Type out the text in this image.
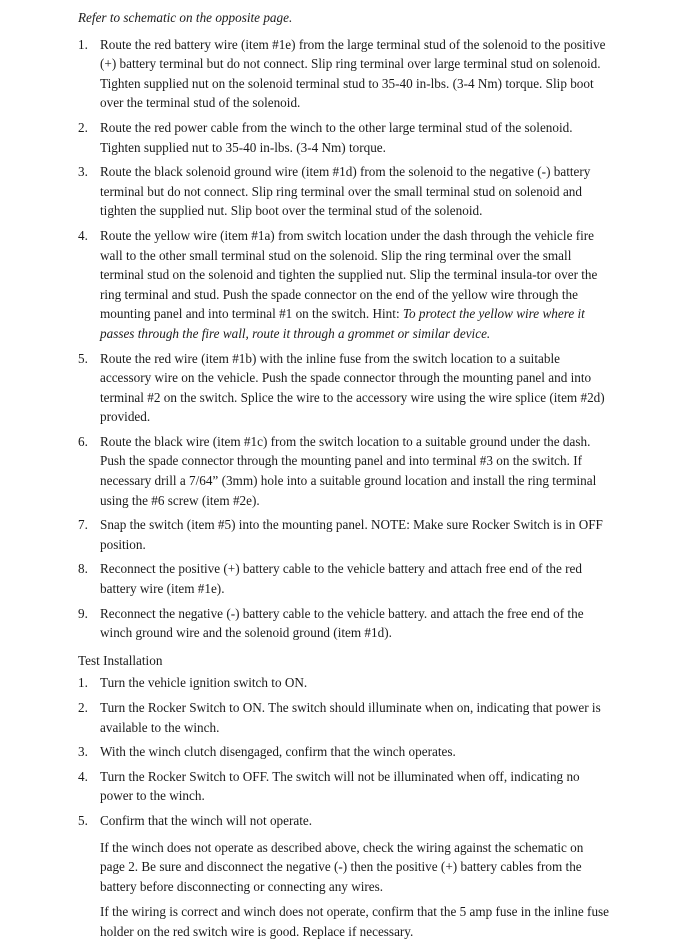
Refer to schematic on the opposite page.

1. Route the red battery wire (item #1e) from the large terminal stud of the solenoid to the positive (+) battery terminal but do not connect. Slip ring terminal over large terminal stud on solenoid. Tighten supplied nut on the solenoid terminal stud to 35-40 in-lbs. (3-4 Nm) torque. Slip boot over the terminal stud of the solenoid.
2. Route the red power cable from the winch to the other large terminal stud of the solenoid. Tighten supplied nut to 35-40 in-lbs. (3-4 Nm) torque.
3. Route the black solenoid ground wire (item #1d) from the solenoid to the negative (-) battery terminal but do not connect. Slip ring terminal over the small terminal stud on solenoid and tighten the supplied nut. Slip boot over the terminal stud of the solenoid.
4. Route the yellow wire (item #1a) from switch location under the dash through the vehicle fire wall to the other small terminal stud on the solenoid. Slip the ring terminal over the small terminal stud on the solenoid and tighten the supplied nut. Slip the terminal insula-tor over the ring terminal and stud. Push the spade connector on the end of the yellow wire through the mounting panel and into terminal #1 on the switch. Hint: To protect the yellow wire where it passes through the fire wall, route it through a grommet or similar device.
5. Route the red wire (item #1b) with the inline fuse from the switch location to a suitable accessory wire on the vehicle. Push the spade connector through the mounting panel and into terminal #2 on the switch. Splice the wire to the accessory wire using the wire splice (item #2d) provided.
6. Route the black wire (item #1c) from the switch location to a suitable ground under the dash. Push the spade connector through the mounting panel and into terminal #3 on the switch. If necessary drill a 7/64” (3mm) hole into a suitable ground location and install the ring terminal using the #6 screw (item #2e).
7. Snap the switch (item #5) into the mounting panel. NOTE: Make sure Rocker Switch is in OFF position.
8. Reconnect the positive (+) battery cable to the vehicle battery and attach free end of the red battery wire (item #1e).
9. Reconnect the negative (-) battery cable to the vehicle battery. and attach the free end of the winch ground wire and the solenoid ground (item #1d).
Test Installation
1. Turn the vehicle ignition switch to ON.
2. Turn the Rocker Switch to ON. The switch should illuminate when on, indicating that power is available to the winch.
3. With the winch clutch disengaged, confirm that the winch operates.
4. Turn the Rocker Switch to OFF. The switch will not be illuminated when off, indicating no power to the winch.
5. Confirm that the winch will not operate.

If the winch does not operate as described above, check the wiring against the schematic on page 2. Be sure and disconnect the negative (-) then the positive (+) battery cables from the battery before disconnecting or connecting any wires.

If the wiring is correct and winch does not operate, confirm that the 5 amp fuse in the inline fuse holder on the red switch wire is good. Replace if necessary.
